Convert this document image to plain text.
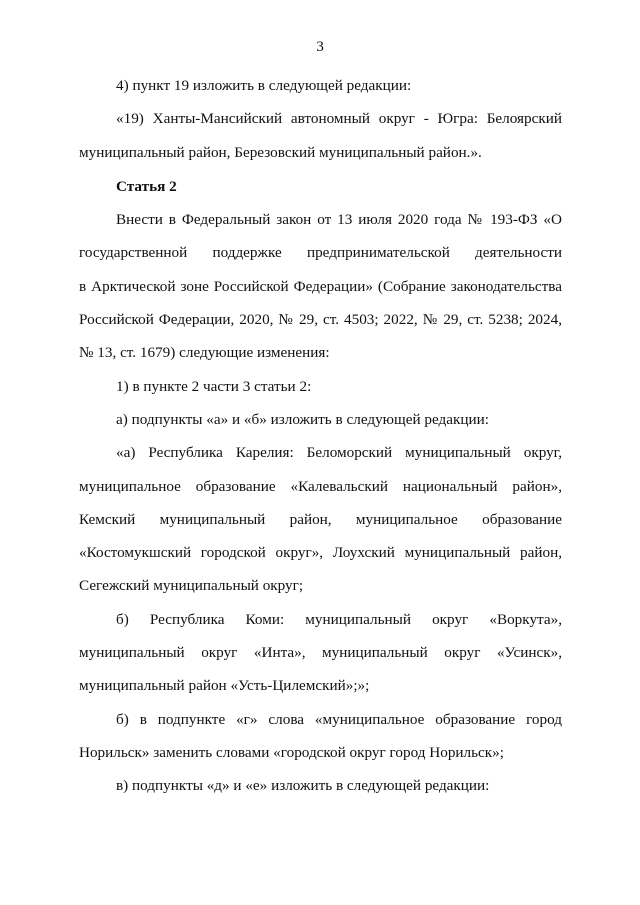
3
4) пункт 19 изложить в следующей редакции:
«19) Ханты-Мансийский автономный округ - Югра: Белоярский
муниципальный район, Березовский муниципальный район.».
Статья 2
Внести в Федеральный закон от 13 июля 2020 года № 193-ФЗ «О
государственной поддержке предпринимательской деятельности
в Арктической зоне Российской Федерации» (Собрание законодательства
Российской Федерации, 2020, № 29, ст. 4503; 2022, № 29, ст. 5238; 2024,
№ 13, ст. 1679) следующие изменения:
1) в пункте 2 части 3 статьи 2:
а) подпункты «а» и «б» изложить в следующей редакции:
«а) Республика Карелия: Беломорский муниципальный округ,
муниципальное образование «Калевальский национальный район»,
Кемский муниципальный район, муниципальное образование
«Костомукшский городской округ», Лоухский муниципальный район,
Сегежский муниципальный округ;
б) Республика Коми: муниципальный округ «Воркута»,
муниципальный округ «Инта», муниципальный округ «Усинск»,
муниципальный район «Усть-Цилемский»;»;
б) в подпункте «г» слова «муниципальное образование город
Норильск» заменить словами «городской округ город Норильск»;
в) подпункты «д» и «е» изложить в следующей редакции:
